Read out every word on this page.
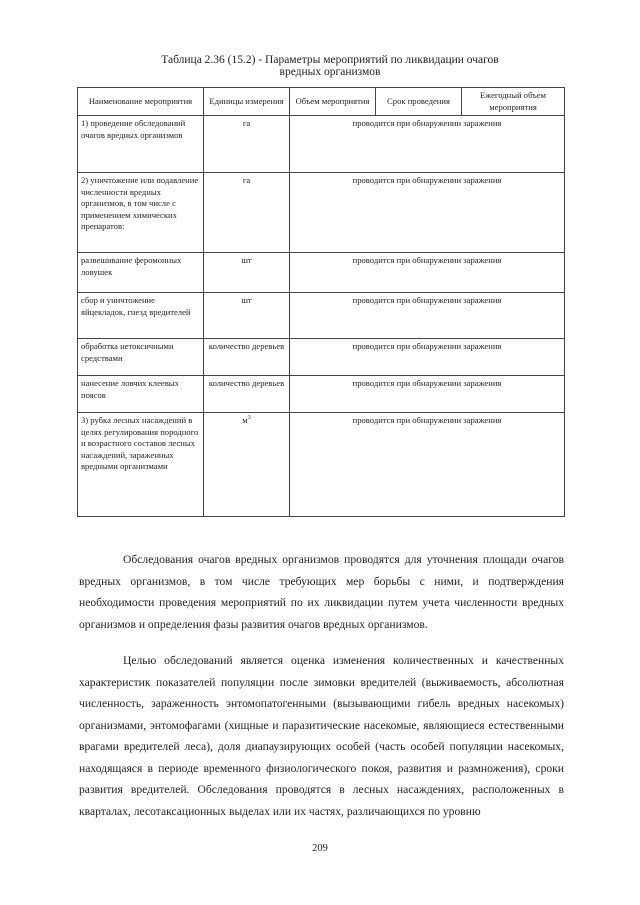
Таблица 2.36 (15.2) - Параметры мероприятий по ликвидации очагов
вредных организмов
Наименование мероприятия	Единицы измерения	Объем мероприятия	Срок проведения	Ежегодный объем мероприятия
1) проведение обследований очагов вредных организмов	га	проводится при обнаружении заражения		
2) уничтожение или подавление численности вредных организмов, в том числе с применением химических препаратов:	га	проводится при обнаружении заражения		
развешивание феромонных ловушек	шт	проводится при обнаружении заражения		
сбор и уничтожение яйцекладок, гнезд вредителей	шт	проводится при обнаружении заражения		
обработка нетоксичными средствами	количество деревьев	проводится при обнаружении заражения		
нанесение ловчих клеевых поясов	количество деревьев	проводится при обнаружении заражения		
3) рубка лесных насаждений в целях регулирования породного и возрастного составов лесных насаждений, зараженных вредными организмами	$м^3$	проводится при обнаружении заражения		

Обследования очагов вредных организмов проводятся для уточнения площади очагов вредных организмов, в том числе требующих мер борьбы с ними, и подтверждения необходимости проведения мероприятий по их ликвидации путем учета численности вредных организмов и определения фазы развития очагов вредных организмов.

Целью обследований является оценка изменения количественных и качественных характеристик показателей популяции после зимовки вредителей (выживаемость, абсолютная численность, зараженность энтомопатогенными (вызывающими гибель вредных насекомых) организмами, энтомофагами (хищные и паразитические насекомые, являющиеся естественными врагами вредителей леса), доля диапаузирующих особей (часть особей популяции насекомых, находящаяся в периоде временного физиологического покоя, развития и размножения), сроки развития вредителей. Обследования проводятся в лесных насаждениях, расположенных в кварталах, лесотаксационных выделах или их частях, различающихся по уровню

209
